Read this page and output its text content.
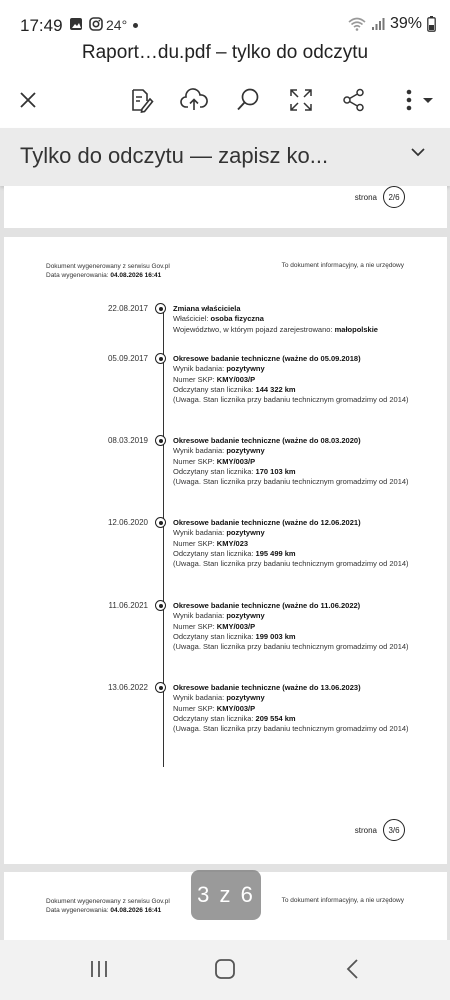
17:49	24°	39%
Raport…du.pdf – tylko do odczytu
Tylko do odczytu — zapisz ko...
strona	2/6
Dokument wygenerowany z serwisu Gov.pl
Data wygenerowania: 04.08.2026 16:41
To dokument informacyjny, a nie urzędowy
22.08.2017	Zmiana właściciela
Właściciel: osoba fizyczna
Województwo, w którym pojazd zarejestrowano: małopolskie
05.09.2017	Okresowe badanie techniczne (ważne do 05.09.2018)
Wynik badania: pozytywny
Numer SKP: KMY/003/P
Odczytany stan licznika: 144 322 km
(Uwaga. Stan licznika przy badaniu technicznym gromadzimy od 2014)
08.03.2019	Okresowe badanie techniczne (ważne do 08.03.2020)
Wynik badania: pozytywny
Numer SKP: KMY/003/P
Odczytany stan licznika: 170 103 km
(Uwaga. Stan licznika przy badaniu technicznym gromadzimy od 2014)
12.06.2020	Okresowe badanie techniczne (ważne do 12.06.2021)
Wynik badania: pozytywny
Numer SKP: KMY/023
Odczytany stan licznika: 195 499 km
(Uwaga. Stan licznika przy badaniu technicznym gromadzimy od 2014)
11.06.2021	Okresowe badanie techniczne (ważne do 11.06.2022)
Wynik badania: pozytywny
Numer SKP: KMY/003/P
Odczytany stan licznika: 199 003 km
(Uwaga. Stan licznika przy badaniu technicznym gromadzimy od 2014)
13.06.2022	Okresowe badanie techniczne (ważne do 13.06.2023)
Wynik badania: pozytywny
Numer SKP: KMY/003/P
Odczytany stan licznika: 209 554 km
(Uwaga. Stan licznika przy badaniu technicznym gromadzimy od 2014)
strona	3/6
Dokument wygenerowany z serwisu Gov.pl
Data wygenerowania: 04.08.2026 16:41
To dokument informacyjny, a nie urzędowy
3 z 6
